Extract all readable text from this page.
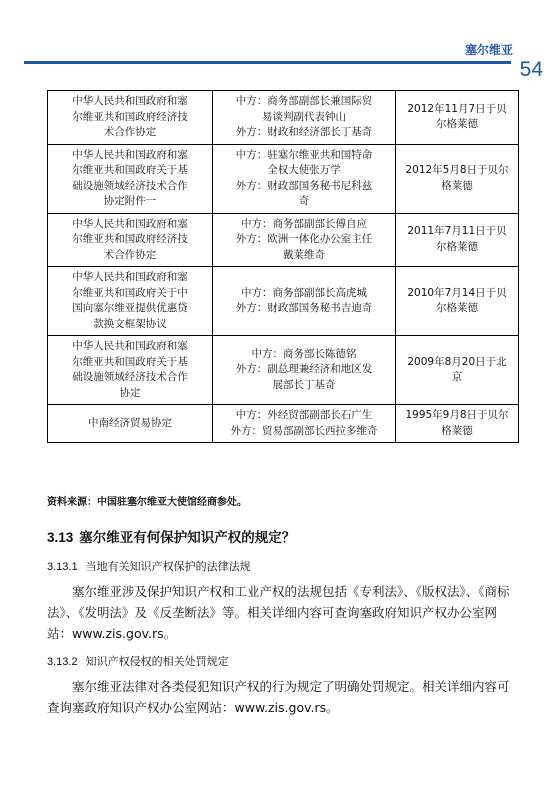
塞尔维亚
54
中华人民共和国政府和塞
尔维亚共和国政府经济技
术合作协定	中方：商务部副部长兼国际贸
易谈判副代表钟山
外方：财政和经济部长丁基奇	2012年11月7日于贝
尔格莱德

中华人民共和国政府和塞
尔维亚共和国政府关于基
础设施领域经济技术合作
协定附件一	中方：驻塞尔维亚共和国特命
全权大使张万学
外方：财政部国务秘书尼科兹
奇	2012年5月8日于贝尔
格莱德

中华人民共和国政府和塞
尔维亚共和国政府经济技
术合作协定	中方：商务部副部长傅自应
外方：欧洲一体化办公室主任
戴莱维奇	2011年7月11日于贝
尔格莱德

中华人民共和国政府和塞
尔维亚共和国政府关于中
国向塞尔维亚提供优惠贷
款换文框架协议	中方：商务部副部长高虎城
外方：财政部国务秘书吉迪奇	2010年7月14日于贝
尔格莱德

中华人民共和国政府和塞
尔维亚共和国政府关于基
础设施领域经济技术合作
协定	中方：商务部长陈德铭
外方：副总理兼经济和地区发
展部长丁基奇	2009年8月20日于北
京

中南经济贸易协定	中方：外经贸部副部长石广生
外方：贸易部副部长西拉多维奇	1995年9月8日于贝尔
格莱德
资料来源：中国驻塞尔维亚大使馆经商参处。
3.13 塞尔维亚有何保护知识产权的规定？
3.13.1 当地有关知识产权保护的法律法规
塞尔维亚涉及保护知识产权和工业产权的法规包括《专利法》、《版权法》、《商标法》、《发明法》及《反垄断法》等。相关详细内容可查询塞政府知识产权办公室网站：www.zis.gov.rs。
3.13.2 知识产权侵权的相关处罚规定
塞尔维亚法律对各类侵犯知识产权的行为规定了明确处罚规定。相关详细内容可查询塞政府知识产权办公室网站：www.zis.gov.rs。
